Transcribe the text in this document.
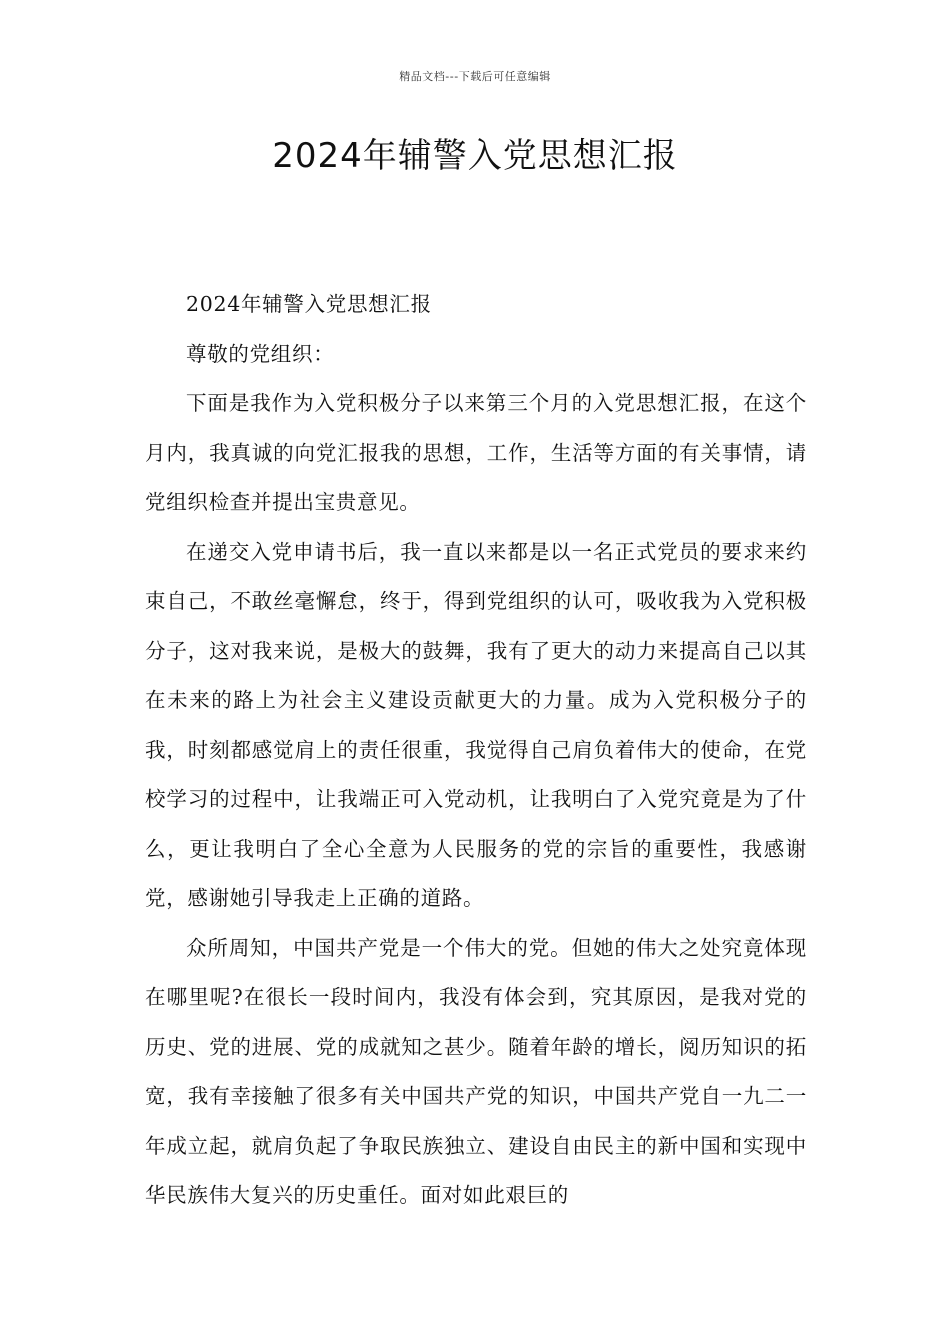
精品文档---下载后可任意编辑
2024年辅警入党思想汇报

2024年辅警入党思想汇报

尊敬的党组织：

下面是我作为入党积极分子以来第三个月的入党思想汇报，在这个月内，我真诚的向党汇报我的思想，工作，生活等方面的有关事情，请党组织检查并提出宝贵意见。

在递交入党申请书后，我一直以来都是以一名正式党员的要求来约束自己，不敢丝毫懈怠，终于，得到党组织的认可，吸收我为入党积极分子，这对我来说，是极大的鼓舞，我有了更大的动力来提高自己以其在未来的路上为社会主义建设贡献更大的力量。成为入党积极分子的我，时刻都感觉肩上的责任很重，我觉得自己肩负着伟大的使命，在党校学习的过程中，让我端正可入党动机，让我明白了入党究竟是为了什么，更让我明白了全心全意为人民服务的党的宗旨的重要性，我感谢党，感谢她引导我走上正确的道路。

众所周知，中国共产党是一个伟大的党。但她的伟大之处究竟体现在哪里呢?在很长一段时间内，我没有体会到，究其原因，是我对党的历史、党的进展、党的成就知之甚少。随着年龄的增长，阅历知识的拓宽，我有幸接触了很多有关中国共产党的知识，中国共产党自一九二一年成立起，就肩负起了争取民族独立、建设自由民主的新中国和实现中华民族伟大复兴的历史重任。面对如此艰巨的
